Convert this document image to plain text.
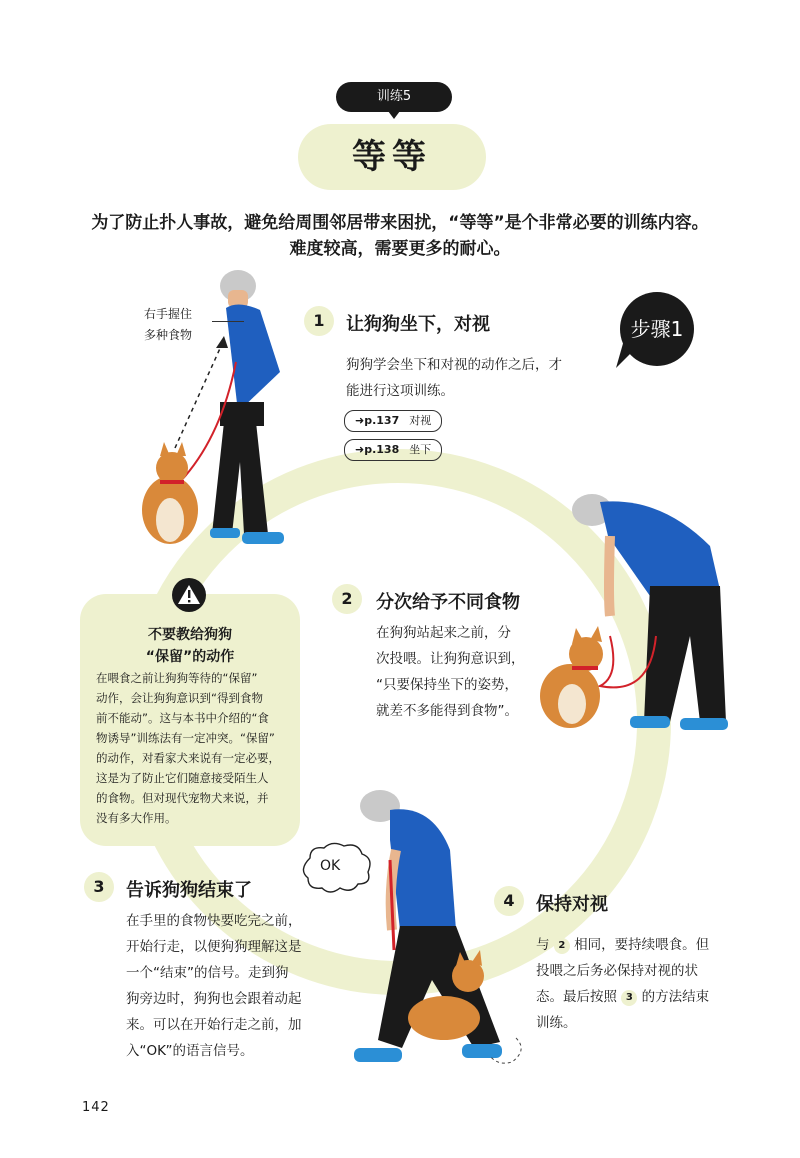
训练5
等等
为了防止扑人事故，避免给周围邻居带来困扰，“等等”是个非常必要的训练内容。
难度较高，需要更多的耐心。
步骤1
右手握住
多种食物
1	让狗狗坐下，对视
狗狗学会坐下和对视的动作之后，才
能进行这项训练。
➜p.137 对视
➜p.138 坐下
2	分次给予不同食物
在狗狗站起来之前，分
次投喂。让狗狗意识到，
“只要保持坐下的姿势，
就差不多能得到食物”。
不要教给狗狗
“保留”的动作
在喂食之前让狗狗等待的“保留”
动作，会让狗狗意识到“得到食物
前不能动”。这与本书中介绍的“食
物诱导”训练法有一定冲突。“保留”
的动作，对看家犬来说有一定必要，
这是为了防止它们随意接受陌生人
的食物。但对现代宠物犬来说，并
没有多大作用。
OK
3	告诉狗狗结束了
在手里的食物快要吃完之前，
开始行走，以便狗狗理解这是
一个“结束”的信号。走到狗
狗旁边时，狗狗也会跟着动起
来。可以在开始行走之前，加
入“OK”的语言信号。
4	保持对视
与 2 相同，要持续喂食。但
投喂之后务必保持对视的状
态。最后按照 3 的方法结束
训练。
142
